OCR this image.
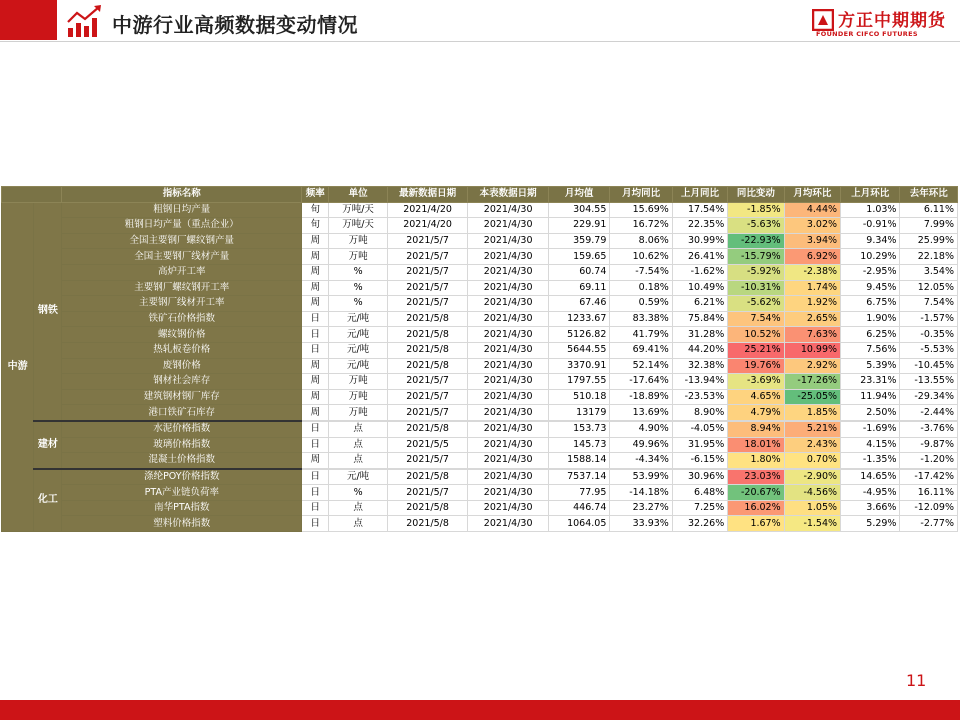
中游行业高频数据变动情况	方正中期期货
FOUNDER CIFCO FUTURES
		指标名称	频率	单位	最新数据日期	本表数据日期	月均值	月均同比	上月同比	同比变动	月均环比	上月环比	去年环比
中游	钢铁	粗钢日均产量	旬	万吨/天	2021/4/20	2021/4/30	304.55	15.69%	17.54%	-1.85%	4.44%	1.03%	6.11%
		粗钢日均产量（重点企业）	旬	万吨/天	2021/4/20	2021/4/30	229.91	16.72%	22.35%	-5.63%	3.02%	-0.91%	7.99%
		全国主要钢厂螺纹钢产量	周	万吨	2021/5/7	2021/4/30	359.79	8.06%	30.99%	-22.93%	3.94%	9.34%	25.99%
		全国主要钢厂线材产量	周	万吨	2021/5/7	2021/4/30	159.65	10.62%	26.41%	-15.79%	6.92%	10.29%	22.18%
		高炉开工率	周	%	2021/5/7	2021/4/30	60.74	-7.54%	-1.62%	-5.92%	-2.38%	-2.95%	3.54%
		主要钢厂螺纹钢开工率	周	%	2021/5/7	2021/4/30	69.11	0.18%	10.49%	-10.31%	1.74%	9.45%	12.05%
		主要钢厂线材开工率	周	%	2021/5/7	2021/4/30	67.46	0.59%	6.21%	-5.62%	1.92%	6.75%	7.54%
		铁矿石价格指数	日	元/吨	2021/5/8	2021/4/30	1233.67	83.38%	75.84%	7.54%	2.65%	1.90%	-1.57%
		螺纹钢价格	日	元/吨	2021/5/8	2021/4/30	5126.82	41.79%	31.28%	10.52%	7.63%	6.25%	-0.35%
		热轧板卷价格	日	元/吨	2021/5/8	2021/4/30	5644.55	69.41%	44.20%	25.21%	10.99%	7.56%	-5.53%
		废钢价格	周	元/吨	2021/5/8	2021/4/30	3370.91	52.14%	32.38%	19.76%	2.92%	5.39%	-10.45%
		钢材社会库存	周	万吨	2021/5/7	2021/4/30	1797.55	-17.64%	-13.94%	-3.69%	-17.26%	23.31%	-13.55%
		建筑钢材钢厂库存	周	万吨	2021/5/7	2021/4/30	510.18	-18.89%	-23.53%	4.65%	-25.05%	11.94%	-29.34%
		港口铁矿石库存	周	万吨	2021/5/7	2021/4/30	13179	13.69%	8.90%	4.79%	1.85%	2.50%	-2.44%
	建材	水泥价格指数	日	点	2021/5/8	2021/4/30	153.73	4.90%	-4.05%	8.94%	5.21%	-1.69%	-3.76%
		玻璃价格指数	日	点	2021/5/5	2021/4/30	145.73	49.96%	31.95%	18.01%	2.43%	4.15%	-9.87%
		混凝土价格指数	周	点	2021/5/7	2021/4/30	1588.14	-4.34%	-6.15%	1.80%	0.70%	-1.35%	-1.20%
	化工	涤纶POY价格指数	日	元/吨	2021/5/8	2021/4/30	7537.14	53.99%	30.96%	23.03%	-2.90%	14.65%	-17.42%
		PTA产业链负荷率	日	%	2021/5/7	2021/4/30	77.95	-14.18%	6.48%	-20.67%	-4.56%	-4.95%	16.11%
		南华PTA指数	日	点	2021/5/8	2021/4/30	446.74	23.27%	7.25%	16.02%	1.05%	3.66%	-12.09%
		塑料价格指数	日	点	2021/5/8	2021/4/30	1064.05	33.93%	32.26%	1.67%	-1.54%	5.29%	-2.77%
11
